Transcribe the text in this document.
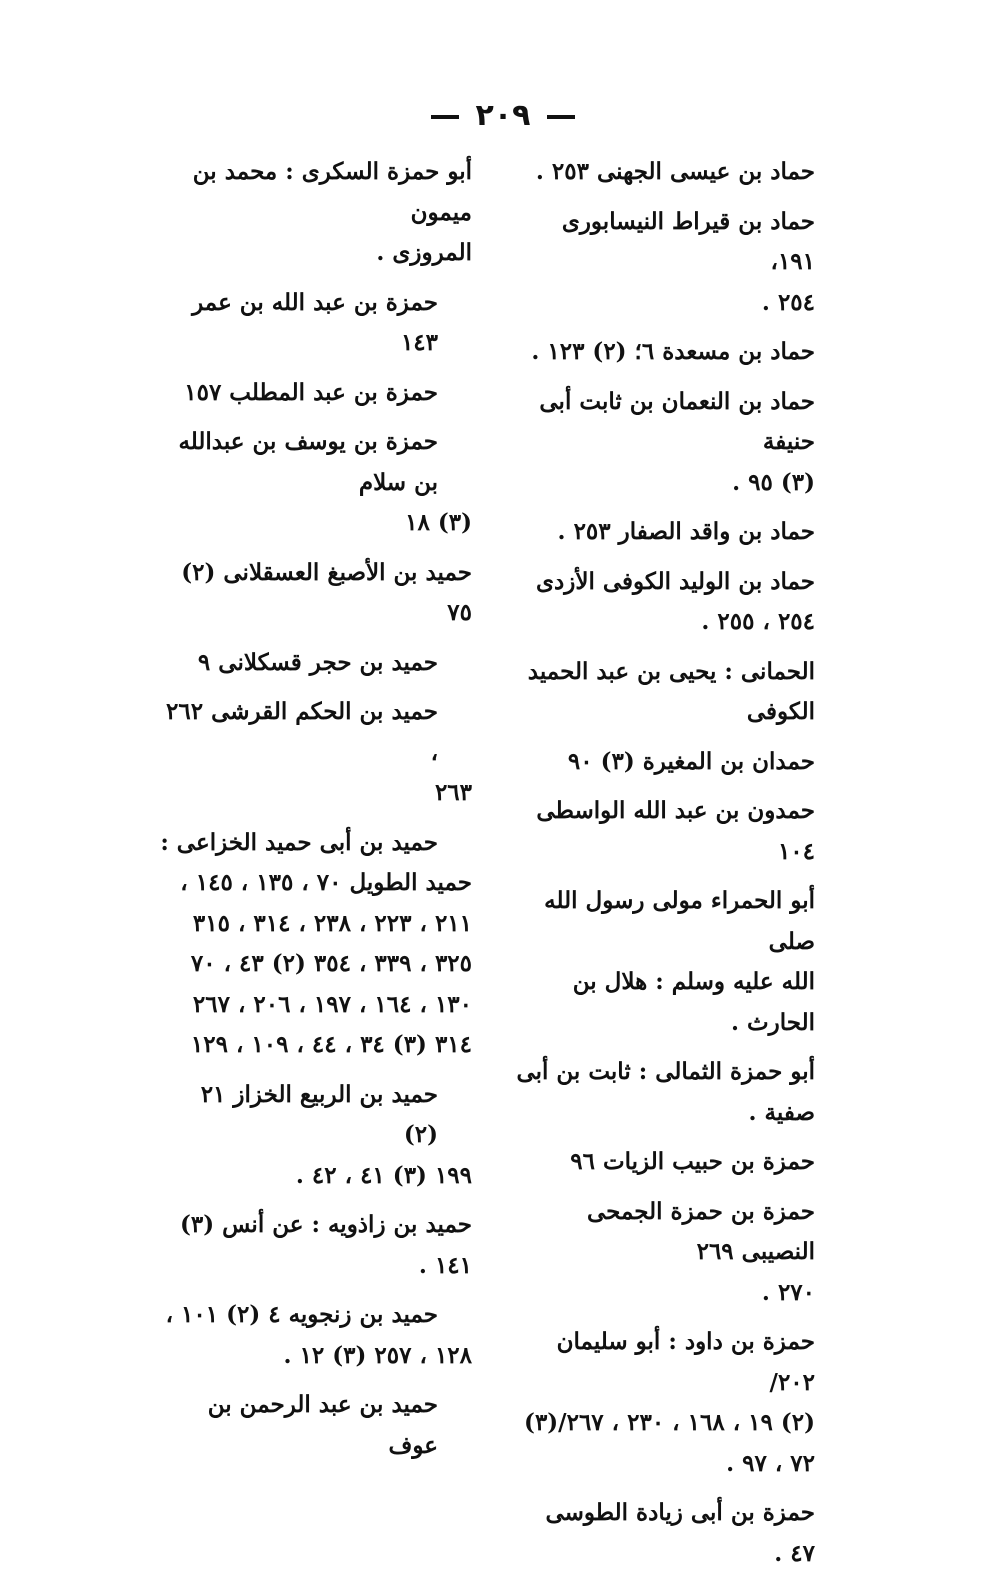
٢٠٩
حماد بن عيسى الجهنى ٢٥٣ .
حماد بن قيراط النيسابورى ١٩١،
٢٥٤ .
حماد بن مسعدة ٦؛ (٢) ١٢٣ .
حماد بن النعمان بن ثابت أبى حنيفة
(٣) ٩٥ .
حماد بن واقد الصفار ٢٥٣ .
حماد بن الوليد الكوفى الأزدى
٢٥٤ ، ٢٥٥ .
الحمانى : يحيى بن عبد الحميد الكوفى
حمدان بن المغيرة (٣) ٩٠
حمدون بن عبد الله الواسطى ١٠٤
أبو الحمراء مولى رسول الله صلى
الله عليه وسلم : هلال بن الحارث .
أبو حمزة الثمالى : ثابت بن أبى
صفية .
حمزة بن حبيب الزيات ٩٦
حمزة بن حمزة الجمحى النصيبى ٢٦٩
٢٧٠ .
حمزة بن داود : أبو سليمان ٢٠٢/
(٢) ١٩ ، ١٦٨ ، ٢٣٠ ، ٢٦٧/(٣)
٧٢ ، ٩٧ .
حمزة بن أبى زيادة الطوسى ٤٧ .
أبو حمزة السكرى : محمد بن ميمون
المروزى .
حمزة بن عبد الله بن عمر ١٤٣
حمزة بن عبد المطلب ١٥٧
حمزة بن يوسف بن عبدالله بن سلام
(٣) ١٨
حميد بن الأصبغ العسقلانى (٢)
٧٥
حميد بن حجر قسكلانى ٩
حميد بن الحكم القرشى ٢٦٢ ،
٢٦٣
حميد بن أبى حميد الخزاعى :
حميد الطويل ٧٠ ، ١٣٥ ، ١٤٥ ،
٢١١ ، ٢٢٣ ، ٢٣٨ ، ٣١٤ ، ٣١٥
٣٢٥ ، ٣٣٩ ، ٣٥٤ (٢) ٤٣ ، ٧٠
١٣٠ ، ١٦٤ ، ١٩٧ ، ٢٠٦ ، ٢٦٧
٣١٤ (٣) ٣٤ ، ٤٤ ، ١٠٩ ، ١٢٩
حميد بن الربيع الخزاز ٢١ (٢)
١٩٩ (٣) ٤١ ، ٤٢ .
حميد بن زاذويه : عن أنس (٣)
١٤١ .
حميد بن زنجويه ٤ (٢) ١٠١ ،
١٢٨ ، ٢٥٧ (٣) ١٢ .
حميد بن عبد الرحمن بن عوف
